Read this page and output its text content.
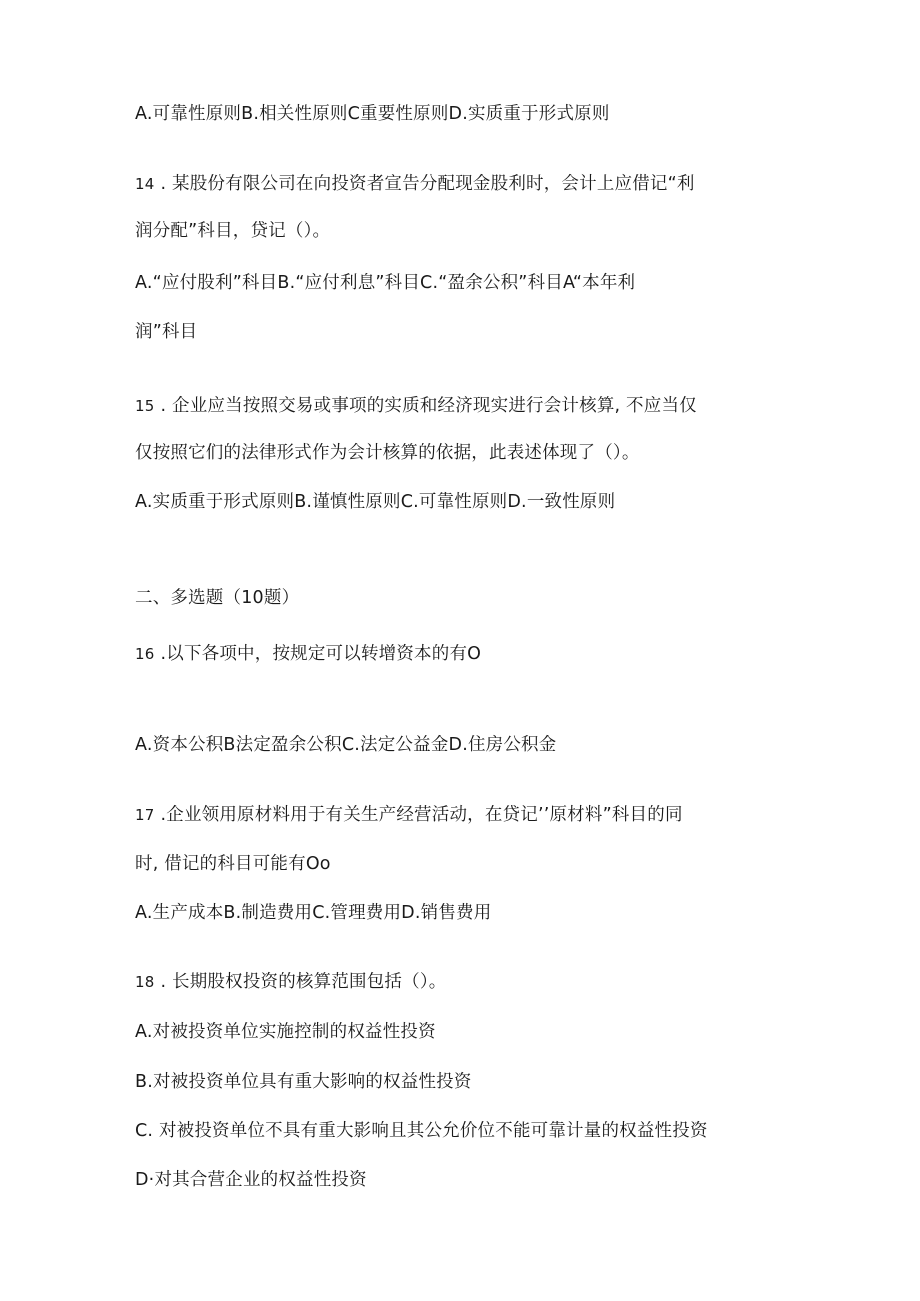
A.可靠性原则B.相关性原则C重要性原则D.实质重于形式原则
14 . 某股份有限公司在向投资者宣告分配现金股利时，会计上应借记“利
润分配”科目，贷记（）。
A.“应付股利”科目B.“应付利息”科目C.“盈余公积”科目A“本年利
润”科目
15 . 企业应当按照交易或事项的实质和经济现实进行会计核算, 不应当仅
仅按照它们的法律形式作为会计核算的依据，此表述体现了（）。
A.实质重于形式原则B.谨慎性原则C.可靠性原则D.一致性原则
二、多选题（10题）
16 .以下各项中，按规定可以转增资本的有O
A.资本公积B法定盈余公积C.法定公益金D.住房公积金
17 .企业领用原材料用于有关生产经营活动，在贷记’’原材料”科目的同
时, 借记的科目可能有Oo
A.生产成本B.制造费用C.管理费用D.销售费用
18 . 长期股权投资的核算范围包括（）。
A.对被投资单位实施控制的权益性投资
B.对被投资单位具有重大影响的权益性投资
C. 对被投资单位不具有重大影响且其公允价位不能可靠计量的权益性投资
D·对其合营企业的权益性投资
